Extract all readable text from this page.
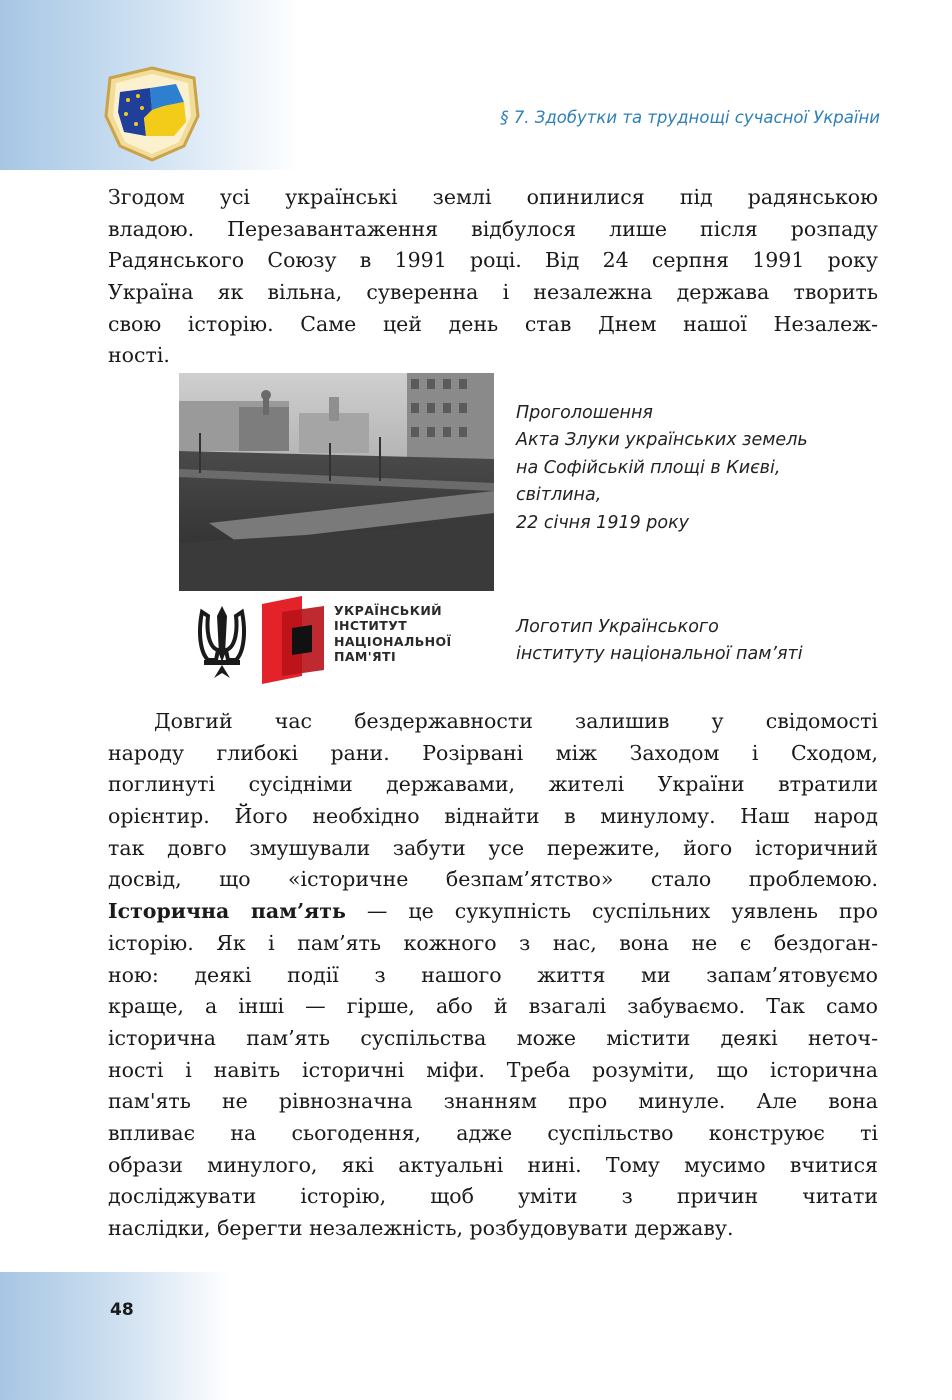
§ 7. Здобутки та труднощі сучасної України

Згодом усі українські землі опинилися під радянською
владою. Перезавантаження відбулося лише після розпаду
Радянського Союзу в 1991 році. Від 24 серпня 1991 року
Україна як вільна, суверенна і незалежна держава творить
свою історію. Саме цей день став Днем нашої Незалеж-
ності.

Проголошення
Акта Злуки українських земель
на Софійській площі в Києві,
світлина,
22 січня 1919 року
УКРАЇНСЬКИЙ
ІНСТИТУТ
НАЦІОНАЛЬНОЇ
ПАМ'ЯТІ
Логотип Українського
інституту національної пам’яті

Довгий час бездержавности залишив у свідомості
народу глибокі рани. Розірвані між Заходом і Сходом,
поглинуті сусідніми державами, жителі України втратили
орієнтир. Його необхідно віднайти в минулому. Наш народ
так довго змушували забути усе пережите, його історичний
досвід, що «історичне безпам’ятство» стало проблемою.
Історична пам’ять — це сукупність суспільних уявлень про
історію. Як і пам’ять кожного з нас, вона не є бездоган-
ною: деякі події з нашого життя ми запам’ятовуємо
краще, а інші — гірше, або й взагалі забуваємо. Так само
історична пам’ять суспільства може містити деякі неточ-
ності і навіть історичні міфи. Треба розуміти, що історична
пам'ять не рівнозначна знанням про минуле. Але вона
впливає на сьогодення, адже суспільство конструює ті
образи минулого, які актуальні нині. Тому мусимо вчитися
досліджувати історію, щоб уміти з причин читати
наслідки, берегти незалежність, розбудовувати державу.

48
